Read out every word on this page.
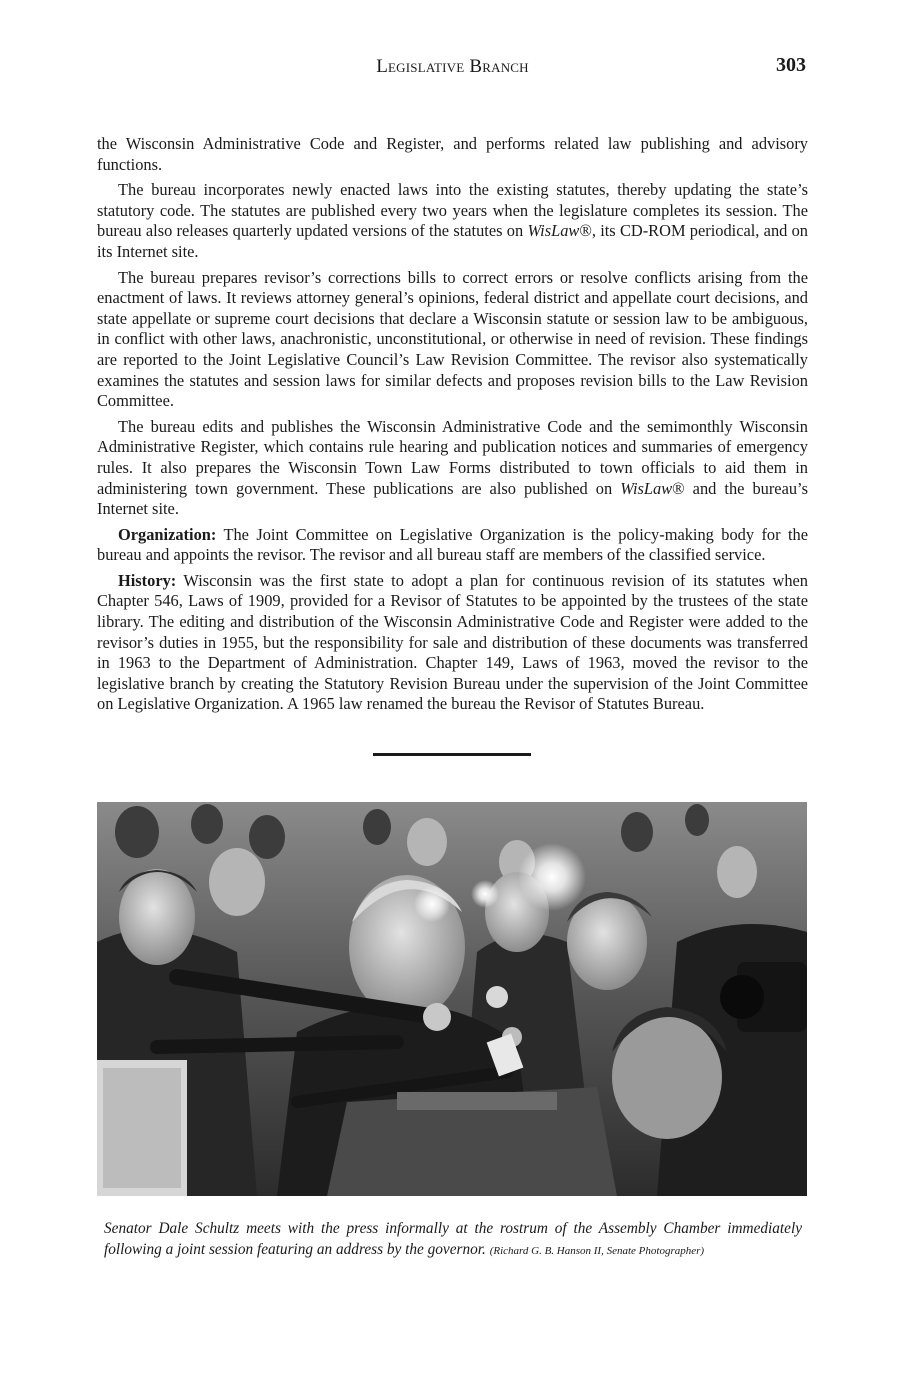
Legislative Branch	303

the Wisconsin Administrative Code and Register, and performs related law publishing and advisory functions.

The bureau incorporates newly enacted laws into the existing statutes, thereby updating the state’s statutory code. The statutes are published every two years when the legislature completes its session. The bureau also releases quarterly updated versions of the statutes on WisLaw®, its CD-ROM periodical, and on its Internet site.

The bureau prepares revisor’s corrections bills to correct errors or resolve conflicts arising from the enactment of laws. It reviews attorney general’s opinions, federal district and appellate court decisions, and state appellate or supreme court decisions that declare a Wisconsin statute or session law to be ambiguous, in conflict with other laws, anachronistic, unconstitutional, or otherwise in need of revision. These findings are reported to the Joint Legislative Council’s Law Revision Committee. The revisor also systematically examines the statutes and session laws for similar defects and proposes revision bills to the Law Revision Committee.

The bureau edits and publishes the Wisconsin Administrative Code and the semimonthly Wisconsin Administrative Register, which contains rule hearing and publication notices and summaries of emergency rules. It also prepares the Wisconsin Town Law Forms distributed to town officials to aid them in administering town government. These publications are also published on WisLaw® and the bureau’s Internet site.

Organization: The Joint Committee on Legislative Organization is the policy-making body for the bureau and appoints the revisor. The revisor and all bureau staff are members of the classified service.

History: Wisconsin was the first state to adopt a plan for continuous revision of its statutes when Chapter 546, Laws of 1909, provided for a Revisor of Statutes to be appointed by the trustees of the state library. The editing and distribution of the Wisconsin Administrative Code and Register were added to the revisor’s duties in 1955, but the responsibility for sale and distribution of these documents was transferred in 1963 to the Department of Administration. Chapter 149, Laws of 1963, moved the revisor to the legislative branch by creating the Statutory Revision Bureau under the supervision of the Joint Committee on Legislative Organization. A 1965 law renamed the bureau the Revisor of Statutes Bureau.

Senator Dale Schultz meets with the press informally at the rostrum of the Assembly Chamber immediately following a joint session featuring an address by the governor. (Richard G. B. Hanson II, Senate Photographer)
